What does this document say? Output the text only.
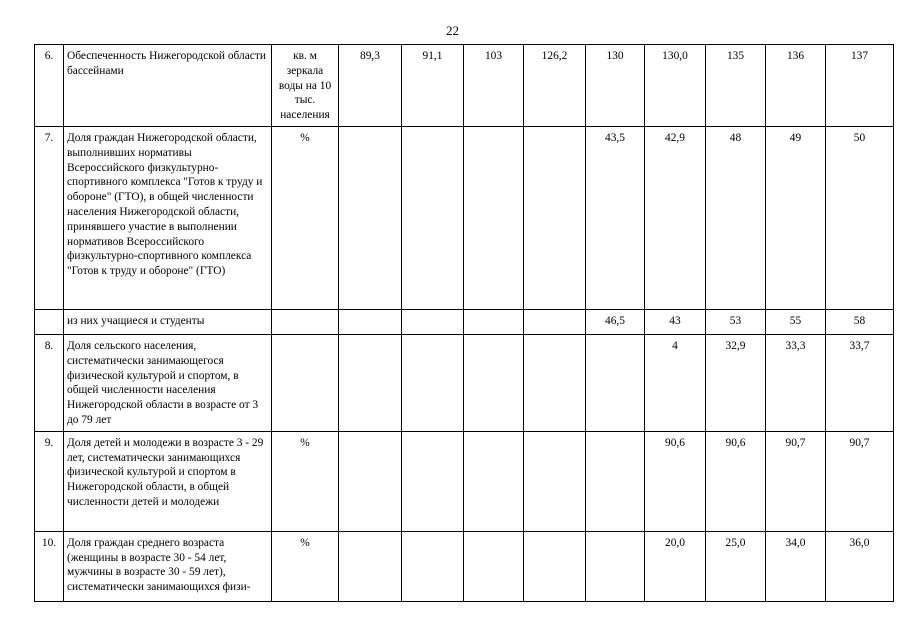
22
6.	Обеспеченность Нижегородской области бассейнами	кв. м зеркала воды на 10 тыс. населения	89,3	91,1	103	126,2	130	130,0	135	136	137
7.	Доля граждан Нижегородской области, выполнивших нормативы Всероссийского физкультурно-спортивного комплекса "Готов к труду и обороне" (ГТО), в общей численности населения Нижегородской области, принявшего участие в выполнении нормативов Всероссийского физкультурно-спортивного комплекса "Готов к труду и обороне" (ГТО)	%					43,5	42,9	48	49	50
	из них учащиеся и студенты						46,5	43	53	55	58
8.	Доля сельского населения, систематически занимающегося физической культурой и спортом, в общей численности населения Нижегородской области в возрасте от 3 до 79 лет							4	32,9	33,3	33,7
9.	Доля детей и молодежи в возрасте 3 - 29 лет, систематически занимающихся физической культурой и спортом в Нижегородской области, в общей численности детей и молодежи	%						90,6	90,6	90,7	90,7
10.	Доля граждан среднего возраста (женщины в возрасте 30 - 54 лет, мужчины в возрасте 30 - 59 лет), систематически занимающихся физи-	%						20,0	25,0	34,0	36,0
